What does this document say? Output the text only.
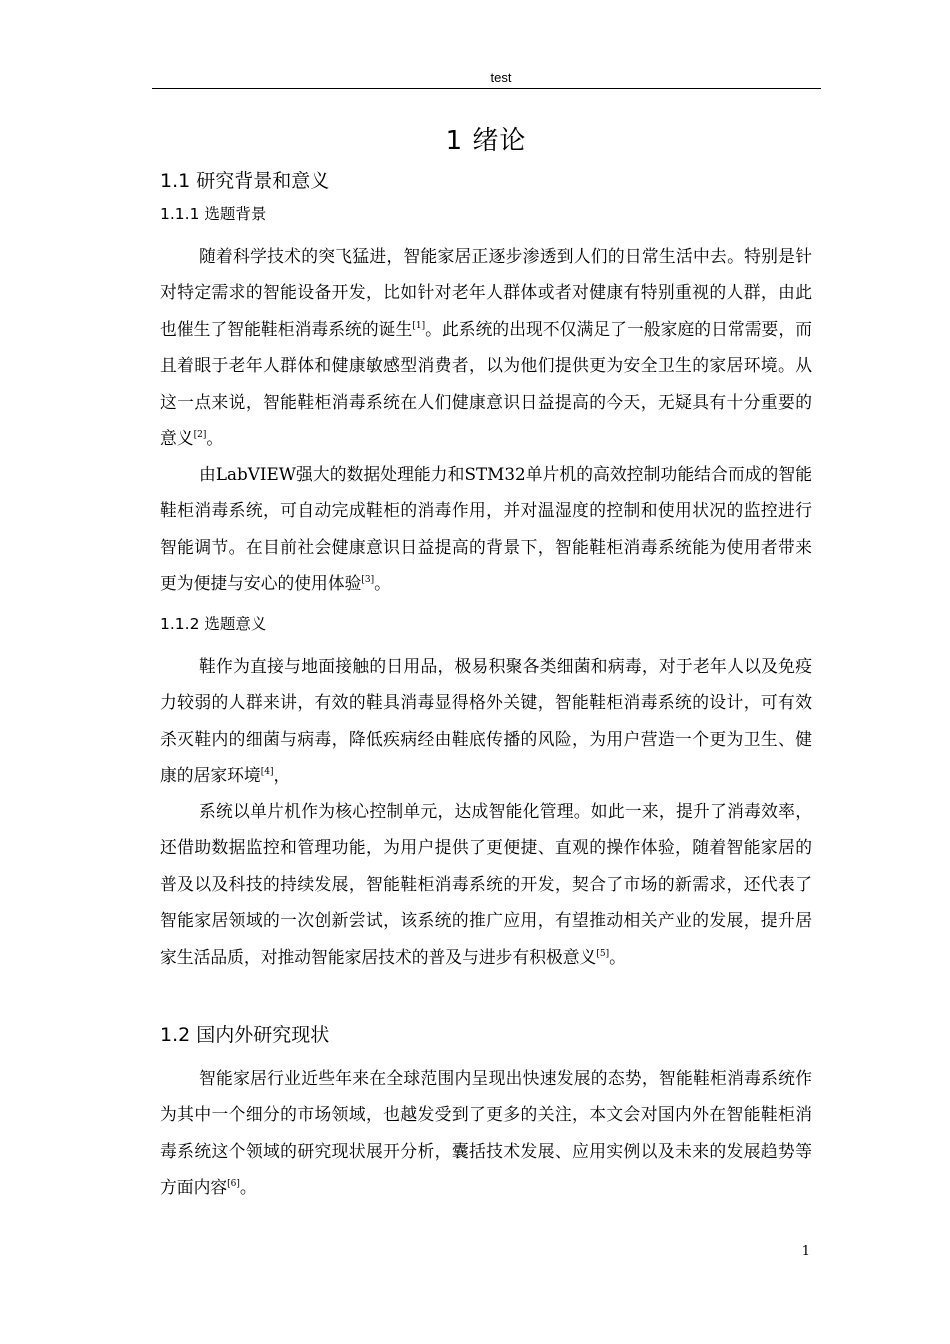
test
1 绪论
1.1 研究背景和意义
1.1.1 选题背景

随着科学技术的突飞猛进，智能家居正逐步渗透到人们的日常生活中去。特别是针对特定需求的智能设备开发，比如针对老年人群体或者对健康有特别重视的人群，由此也催生了智能鞋柜消毒系统的诞生[1]。此系统的出现不仅满足了一般家庭的日常需要，而且着眼于老年人群体和健康敏感型消费者，以为他们提供更为安全卫生的家居环境。从这一点来说，智能鞋柜消毒系统在人们健康意识日益提高的今天，无疑具有十分重要的意义[2]。

由LabVIEW强大的数据处理能力和STM32单片机的高效控制功能结合而成的智能鞋柜消毒系统，可自动完成鞋柜的消毒作用，并对温湿度的控制和使用状况的监控进行智能调节。在目前社会健康意识日益提高的背景下，智能鞋柜消毒系统能为使用者带来更为便捷与安心的使用体验[3]。

1.1.2 选题意义

鞋作为直接与地面接触的日用品，极易积聚各类细菌和病毒，对于老年人以及免疫力较弱的人群来讲，有效的鞋具消毒显得格外关键，智能鞋柜消毒系统的设计，可有效杀灭鞋内的细菌与病毒，降低疾病经由鞋底传播的风险，为用户营造一个更为卫生、健康的居家环境[4]，

系统以单片机作为核心控制单元，达成智能化管理。如此一来，提升了消毒效率，还借助数据监控和管理功能，为用户提供了更便捷、直观的操作体验，随着智能家居的普及以及科技的持续发展，智能鞋柜消毒系统的开发，契合了市场的新需求，还代表了智能家居领域的一次创新尝试，该系统的推广应用，有望推动相关产业的发展，提升居家生活品质，对推动智能家居技术的普及与进步有积极意义[5]。

1.2 国内外研究现状

智能家居行业近些年来在全球范围内呈现出快速发展的态势，智能鞋柜消毒系统作为其中一个细分的市场领域，也越发受到了更多的关注，本文会对国内外在智能鞋柜消毒系统这个领域的研究现状展开分析，囊括技术发展、应用实例以及未来的发展趋势等方面内容[6]。

1
